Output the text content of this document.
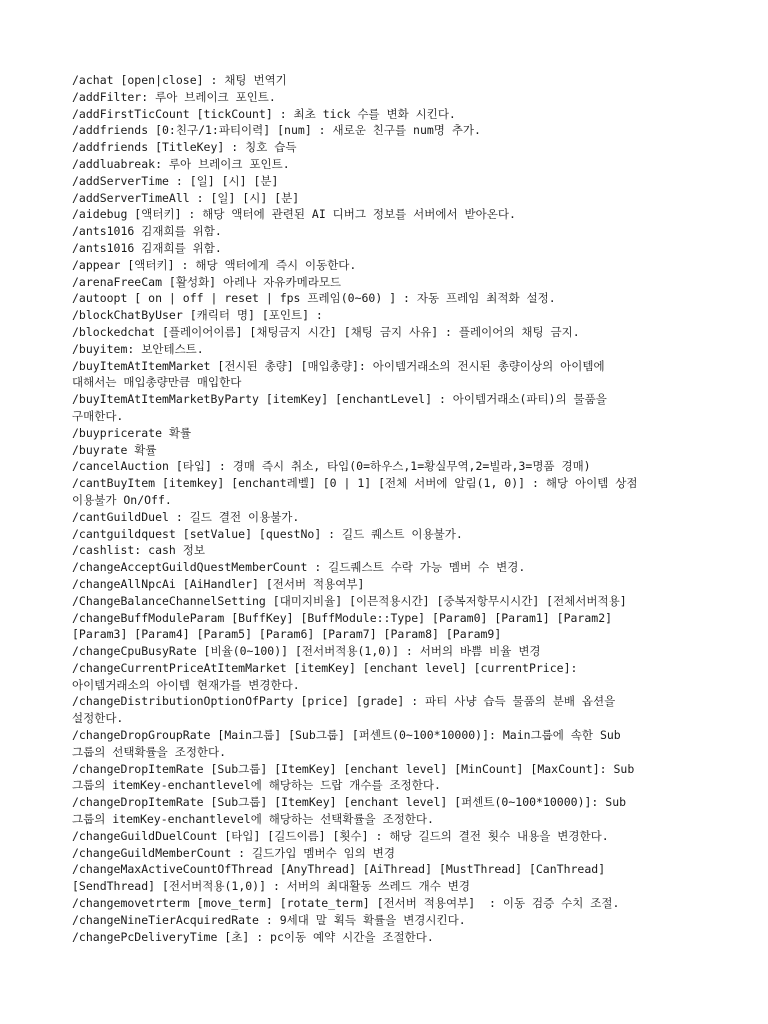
/achat [open|close] : 채팅 번역기
/addFilter: 루아 브레이크 포인트.
/addFirstTicCount [tickCount] : 최초 tick 수를 변화 시킨다.
/addfriends [0:친구/1:파티이력] [num] : 새로운 친구를 num명 추가.
/addfriends [TitleKey] : 칭호 습득
/addluabreak: 루아 브레이크 포인트.
/addServerTime : [일] [시] [분]
/addServerTimeAll : [일] [시] [분]
/aidebug [액터키] : 해당 액터에 관련된 AI 디버그 정보를 서버에서 받아온다.
/ants1016 김재희를 위함.
/ants1016 김재희를 위함.
/appear [액터키] : 해당 액터에게 즉시 이동한다.
/arenaFreeCam [활성화] 아레나 자유카메라모드
/autoopt [ on | off | reset | fps 프레임(0~60) ] : 자동 프레임 최적화 설정.
/blockChatByUser [캐릭터 명] [포인트] :
/blockedchat [플레이어이름] [채팅금지 시간] [채팅 금지 사유] : 플레이어의 채팅 금지.
/buyitem: 보안테스트.
/buyItemAtItemMarket [전시된 총량] [매입총량]: 아이템거래소의 전시된 총량이상의 아이템에
대해서는 매입총량만큼 매입한다
/buyItemAtItemMarketByParty [itemKey] [enchantLevel] : 아이템거래소(파티)의 물품을
구매한다.
/buypricerate 확률
/buyrate 확률
/cancelAuction [타입] : 경매 즉시 취소, 타입(0=하우스,1=황실무역,2=빌라,3=명품 경매)
/cantBuyItem [itemkey] [enchant레벨] [0 | 1] [전체 서버에 알림(1, 0)] : 해당 아이템 상점
이용불가 On/Off.
/cantGuildDuel : 길드 결전 이용불가.
/cantguildquest [setValue] [questNo] : 길드 퀘스트 이용불가.
/cashlist: cash 정보
/changeAcceptGuildQuestMemberCount : 길드퀘스트 수락 가능 멤버 수 변경.
/changeAllNpcAi [AiHandler] [전서버 적용여부]
/ChangeBalanceChannelSetting [대미지비율] [이믄적용시간] [중복저항무시시간] [전체서버적용]
/changeBuffModuleParam [BuffKey] [BuffModule::Type] [Param0] [Param1] [Param2]
[Param3] [Param4] [Param5] [Param6] [Param7] [Param8] [Param9]
/changeCpuBusyRate [비율(0~100)] [전서버적용(1,0)] : 서버의 바쁨 비율 변경
/changeCurrentPriceAtItemMarket [itemKey] [enchant level] [currentPrice]:
아이템거래소의 아이템 현재가를 변경한다.
/changeDistributionOptionOfParty [price] [grade] : 파티 사냥 습득 물품의 분배 옵션을
설정한다.
/changeDropGroupRate [Main그룹] [Sub그룹] [퍼센트(0~100*10000)]: Main그룹에 속한 Sub
그룹의 선택확률을 조정한다.
/changeDropItemRate [Sub그룹] [ItemKey] [enchant level] [MinCount] [MaxCount]: Sub
그룹의 itemKey-enchantlevel에 해당하는 드랍 개수를 조정한다.
/changeDropItemRate [Sub그룹] [ItemKey] [enchant level] [퍼센트(0~100*10000)]: Sub
그룹의 itemKey-enchantlevel에 해당하는 선택확률을 조정한다.
/changeGuildDuelCount [타입] [길드이름] [횟수] : 해당 길드의 결전 횟수 내용을 변경한다.
/changeGuildMemberCount : 길드가입 멤버수 임의 변경
/changeMaxActiveCountOfThread [AnyThread] [AiThread] [MustThread] [CanThread]
[SendThread] [전서버적용(1,0)] : 서버의 최대활동 쓰레드 개수 변경
/changemovetrterm [move_term] [rotate_term] [전서버 적용여부]  : 이동 검증 수치 조절.
/changeNineTierAcquiredRate : 9세대 말 획득 확률을 변경시킨다.
/changePcDeliveryTime [초] : pc이동 예약 시간을 조절한다.
